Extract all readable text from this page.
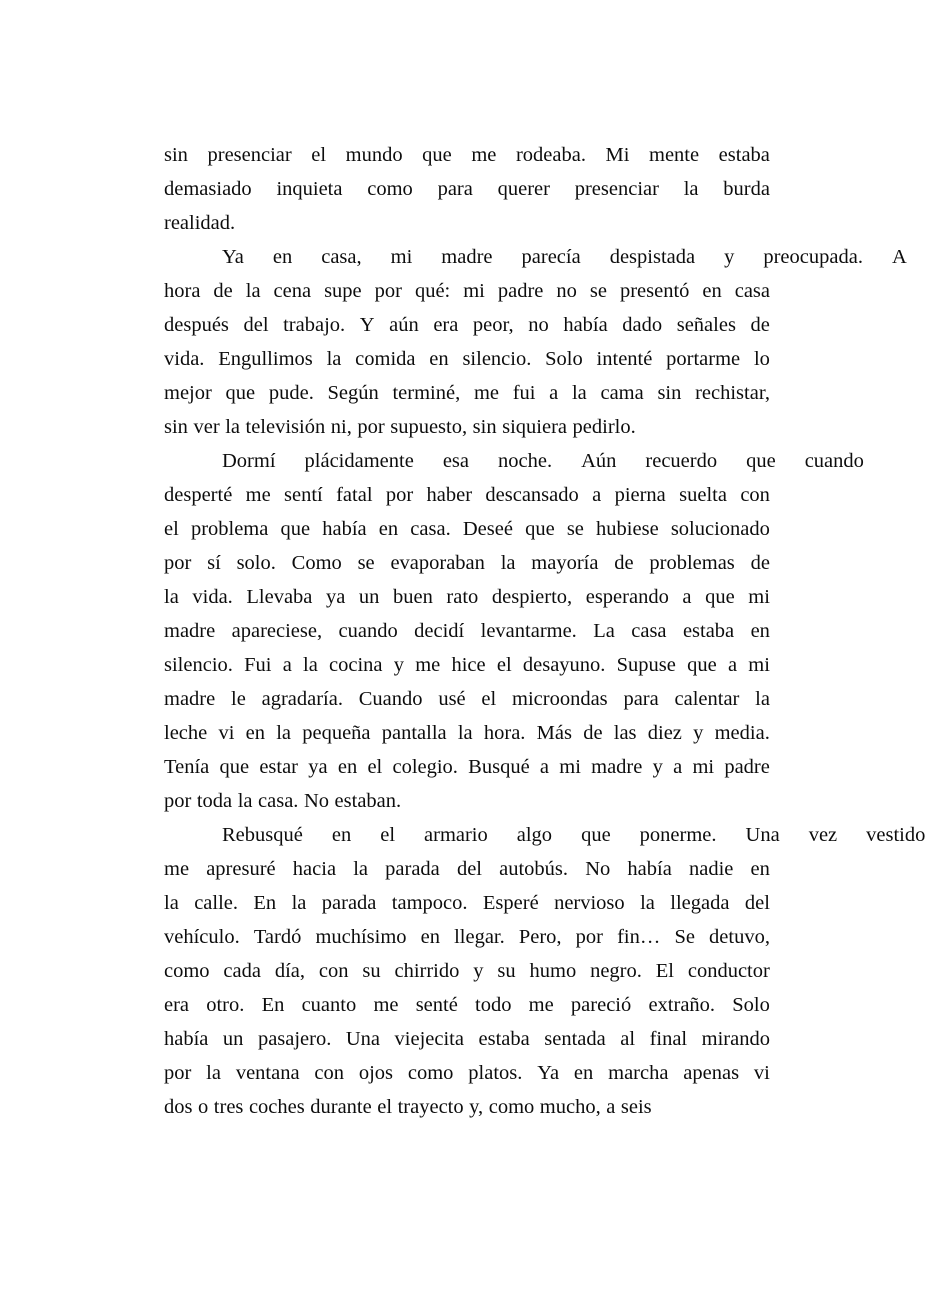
sin presenciar el mundo que me rodeaba. Mi mente estaba
demasiado inquieta como para querer presenciar la burda
realidad.

Ya	en	casa,	mi	madre	parecía	despistada	y	preocupada.	A
hora de la cena supe por qué: mi padre no se presentó en casa
después del trabajo. Y aún era peor, no había dado señales de
vida. Engullimos la comida en silencio. Solo intenté portarme lo
mejor que pude. Según terminé, me fui a la cama sin rechistar,
sin ver la televisión ni, por supuesto, sin siquiera pedirlo.

Dormí	plácidamente	esa	noche.	Aún	recuerdo	que	cuando
desperté me sentí fatal por haber descansado a pierna suelta con
el problema que había en casa. Deseé que se hubiese solucionado
por sí solo. Como se evaporaban la mayoría de problemas de
la vida. Llevaba ya un buen rato despierto, esperando a que mi
madre apareciese, cuando decidí levantarme. La casa estaba en
silencio. Fui a la cocina y me hice el desayuno. Supuse que a mi
madre le agradaría. Cuando usé el microondas para calentar la
leche vi en la pequeña pantalla la hora. Más de las diez y media.
Tenía que estar ya en el colegio. Busqué a mi madre y a mi padre
por toda la casa. No estaban.

Rebusqué	en	el	armario	algo	que	ponerme.	Una	vez	vestido
me apresuré hacia la parada del autobús. No había nadie en
la calle. En la parada tampoco. Esperé nervioso la llegada del
vehículo. Tardó muchísimo en llegar. Pero, por fin… Se detuvo,
como cada día, con su chirrido y su humo negro. El conductor
era otro. En cuanto me senté todo me pareció extraño. Solo
había un pasajero. Una viejecita estaba sentada al final mirando
por la ventana con ojos como platos. Ya en marcha apenas vi
dos o tres coches durante el trayecto y, como mucho, a seis
